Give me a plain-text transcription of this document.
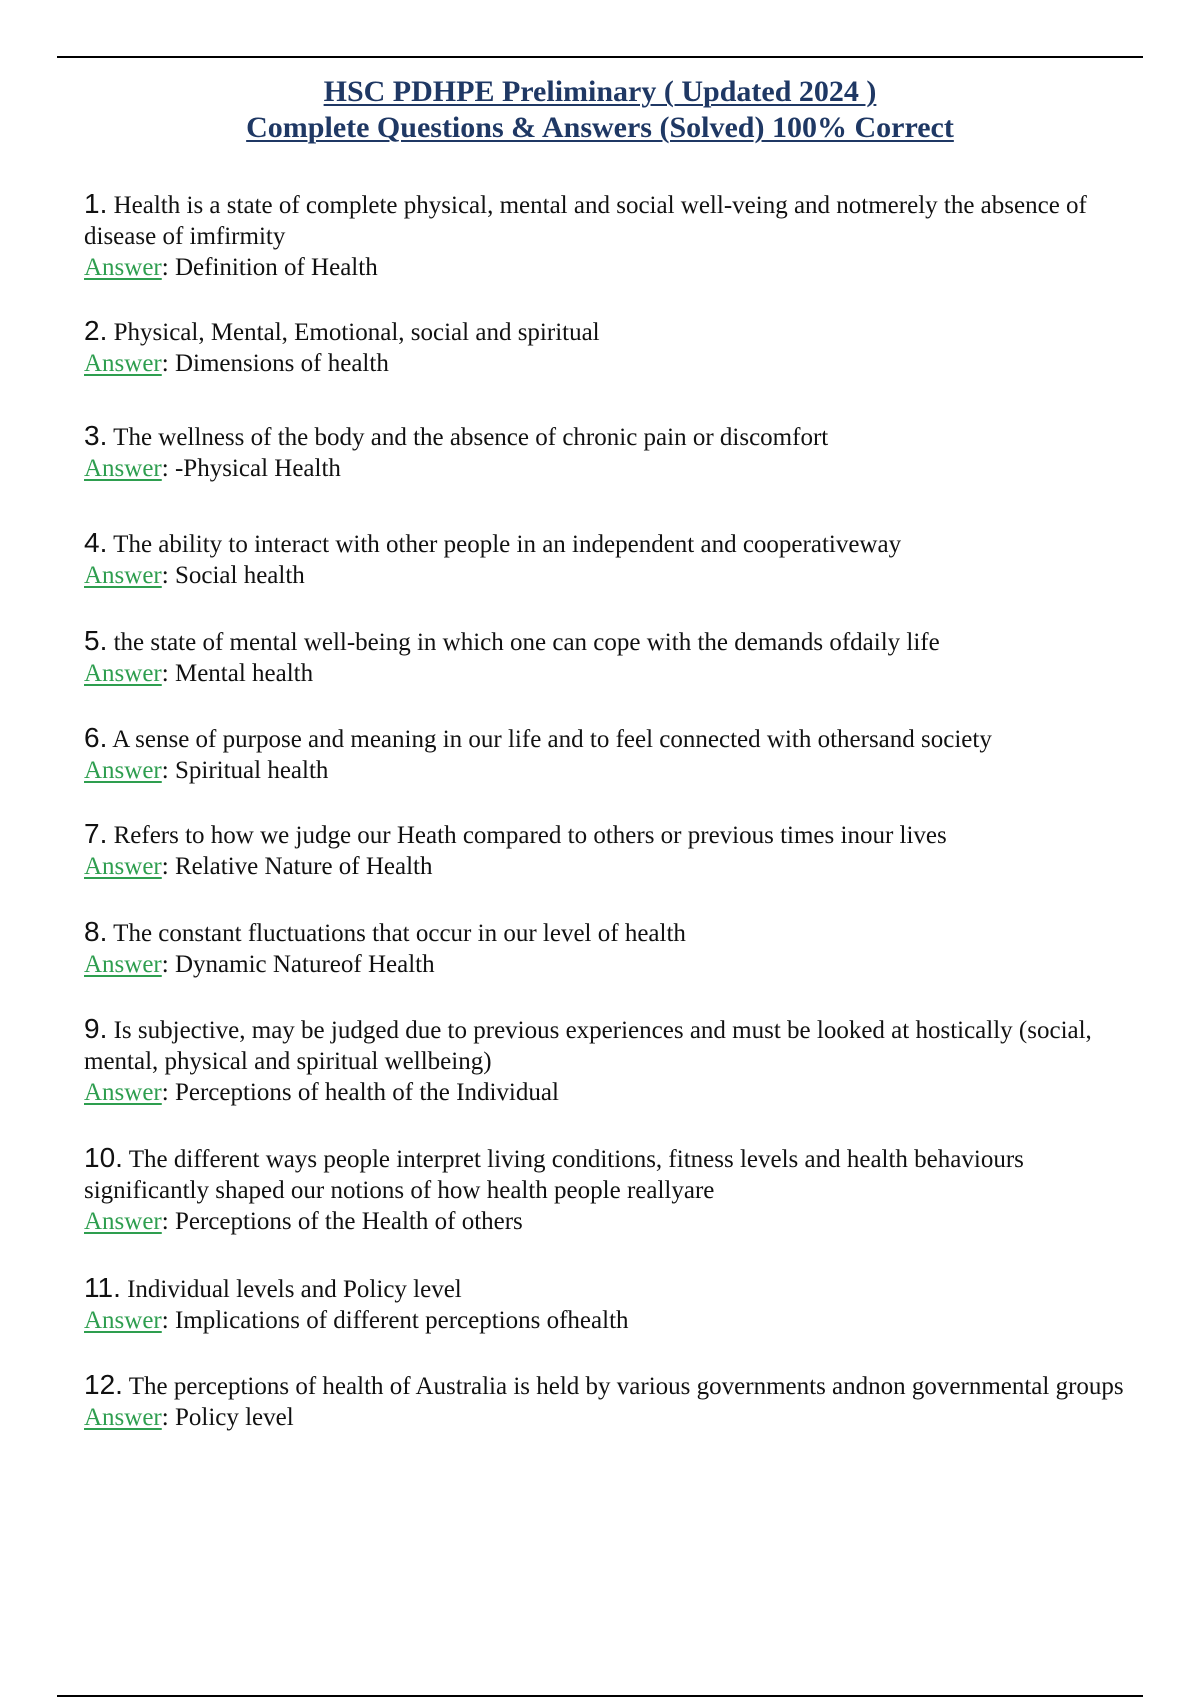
HSC PDHPE Preliminary ( Updated 2024 )
Complete Questions & Answers (Solved) 100% Correct
1. Health is a state of complete physical, mental and social well-veing and notmerely the absence of disease of imfirmity
Answer: Definition of Health
2. Physical, Mental, Emotional, social and spiritual
Answer: Dimensions of health
3. The wellness of the body and the absence of chronic pain or discomfort
Answer: -Physical Health
4. The ability to interact with other people in an independent and cooperativeway
Answer: Social health
5. the state of mental well-being in which one can cope with the demands ofdaily life
Answer: Mental health
6. A sense of purpose and meaning in our life and to feel connected with othersand society
Answer: Spiritual health
7. Refers to how we judge our Heath compared to others or previous times inour lives
Answer: Relative Nature of Health
8. The constant fluctuations that occur in our level of health
Answer: Dynamic Natureof Health
9. Is subjective, may be judged due to previous experiences and must be looked at hostically (social, mental, physical and spiritual wellbeing)
Answer: Perceptions of health of the Individual
10. The different ways people interpret living conditions, fitness levels and health behaviours significantly shaped our notions of how health people reallyare
Answer: Perceptions of the Health of others
11. Individual levels and Policy level
Answer: Implications of different perceptions ofhealth
12. The perceptions of health of Australia is held by various governments andnon governmental groups
Answer: Policy level
